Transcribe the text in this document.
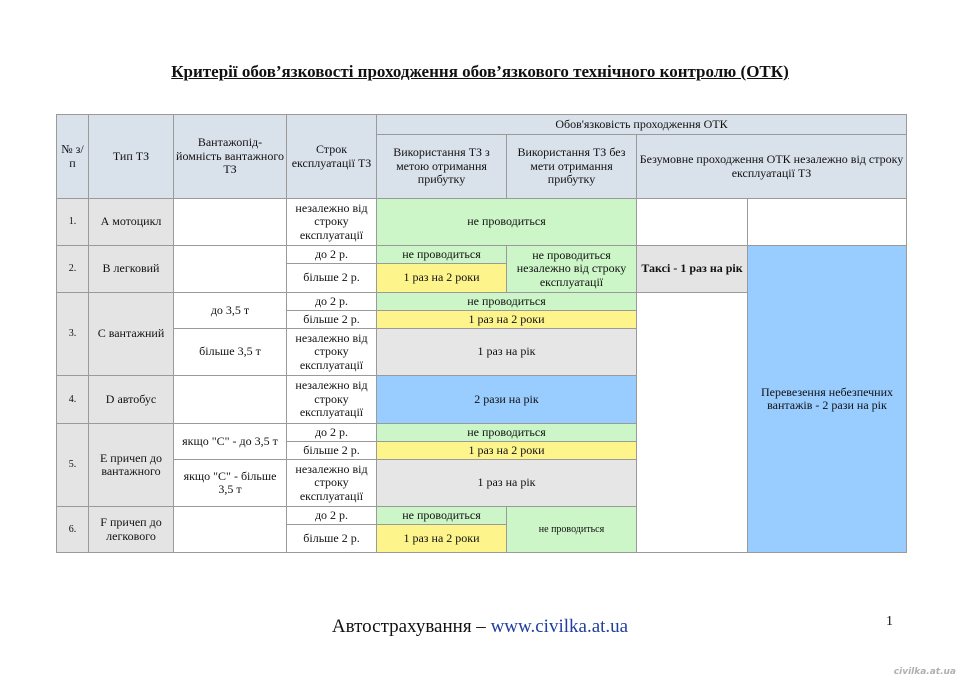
Критерії обов’язковості проходження обов’язкового технічного контролю (ОТК)
№ з/п	Тип ТЗ	Вантажопід-йомність вантажного ТЗ	Строк експлуатації ТЗ	Обов'язковість проходження ОТК			
				Використання ТЗ з метою отримання прибутку	Використання ТЗ без мети отримання прибутку	Безумовне проходження ОТК незалежно від строку експлуатації ТЗ	
1.	А мотоцикл		незалежно від строку експлуатації	не проводиться			
2.	В легковий		до 2 р.	не проводиться	не проводиться незалежно від строку експлуатації	Таксі - 1 раз на рік	Перевезення небезпечних вантажів - 2 рази на рік
			більше 2 р.	1 раз на 2 роки			
3.	С вантажний	до 3,5 т	до 2 р.	не проводиться			
			більше 2 р.	1 раз на 2 роки			
		більше 3,5 т	незалежно від строку експлуатації	1 раз на рік			
4.	D автобус		незалежно від строку експлуатації	2 рази на рік			
5.	E причеп до вантажного	якщо "С" - до 3,5 т	до 2 р.	не проводиться			
			більше 2 р.	1 раз на 2 роки			
		якщо "С" - більше 3,5 т	незалежно від строку експлуатації	1 раз на рік			
6.	F причеп до легкового		до 2 р.	не проводиться	не проводиться		
			більше 2 р.	1 раз на 2 роки			
Автострахування – www.civilka.at.ua	1
civilka.at.ua
